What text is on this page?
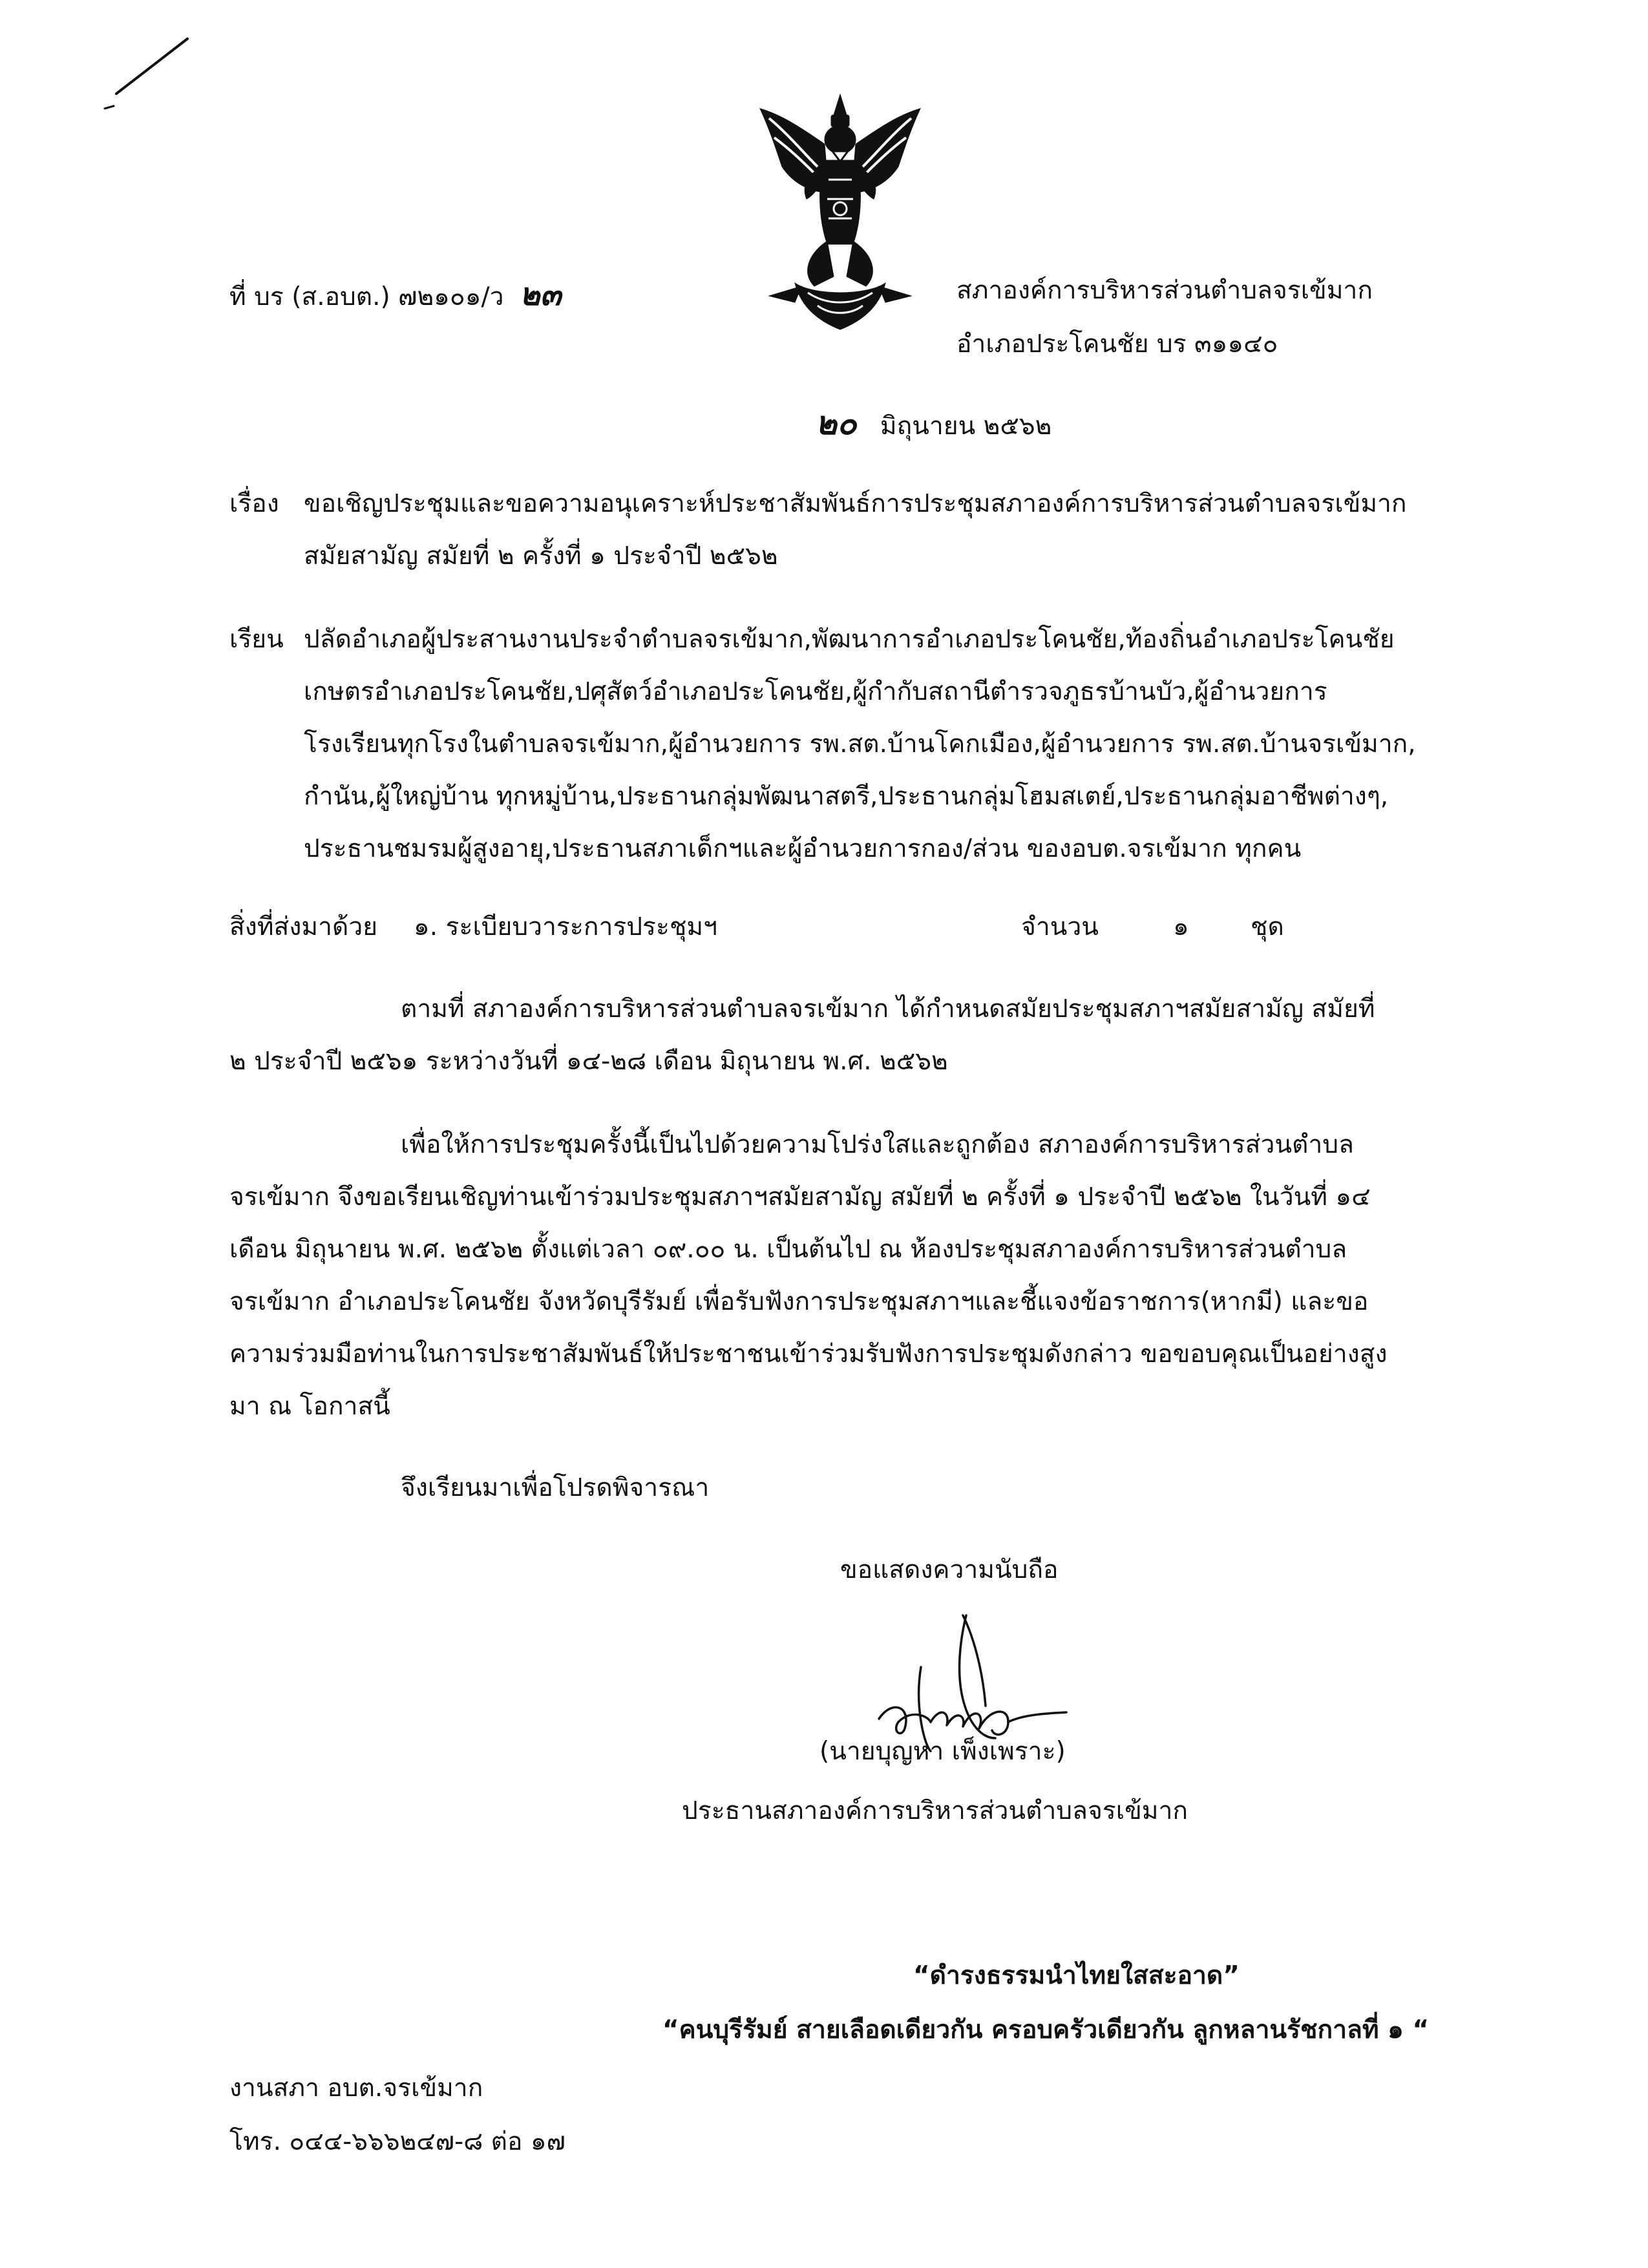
ที่ บร (ส.อบต.) ๗๒๑๐๑/ว ๒๓	สภาองค์การบริหารส่วนตำบลจรเข้มาก
อำเภอประโคนชัย บร ๓๑๑๔๐
๒๐ มิถุนายน ๒๕๖๒
เรื่อง ขอเชิญประชุมและขอความอนุเคราะห์ประชาสัมพันธ์การประชุมสภาองค์การบริหารส่วนตำบลจรเข้มาก
สมัยสามัญ สมัยที่ ๒ ครั้งที่ ๑ ประจำปี ๒๕๖๒
เรียน ปลัดอำเภอผู้ประสานงานประจำตำบลจรเข้มาก,พัฒนาการอำเภอประโคนชัย,ท้องถิ่นอำเภอประโคนชัย
เกษตรอำเภอประโคนชัย,ปศุสัตว์อำเภอประโคนชัย,ผู้กำกับสถานีตำรวจภูธรบ้านบัว,ผู้อำนวยการ
โรงเรียนทุกโรงในตำบลจรเข้มาก,ผู้อำนวยการ รพ.สต.บ้านโคกเมือง,ผู้อำนวยการ รพ.สต.บ้านจรเข้มาก,
กำนัน,ผู้ใหญ่บ้าน ทุกหมู่บ้าน,ประธานกลุ่มพัฒนาสตรี,ประธานกลุ่มโฮมสเตย์,ประธานกลุ่มอาชีพต่างๆ,
ประธานชมรมผู้สูงอายุ,ประธานสภาเด็กฯและผู้อำนวยการกอง/ส่วน ของอบต.จรเข้มาก ทุกคน
สิ่งที่ส่งมาด้วย ๑. ระเบียบวาระการประชุมฯ	จำนวน	๑ ชุด
ตามที่ สภาองค์การบริหารส่วนตำบลจรเข้มาก ได้กำหนดสมัยประชุมสภาฯสมัยสามัญ สมัยที่
๒ ประจำปี ๒๕๖๑ ระหว่างวันที่ ๑๔-๒๘ เดือน มิถุนายน พ.ศ. ๒๕๖๒
เพื่อให้การประชุมครั้งนี้เป็นไปด้วยความโปร่งใสและถูกต้อง สภาองค์การบริหารส่วนตำบล
จรเข้มาก จึงขอเรียนเชิญท่านเข้าร่วมประชุมสภาฯสมัยสามัญ สมัยที่ ๒ ครั้งที่ ๑ ประจำปี ๒๕๖๒ ในวันที่ ๑๔
เดือน มิถุนายน พ.ศ. ๒๕๖๒ ตั้งแต่เวลา ๐๙.๐๐ น. เป็นต้นไป ณ ห้องประชุมสภาองค์การบริหารส่วนตำบล
จรเข้มาก อำเภอประโคนชัย จังหวัดบุรีรัมย์ เพื่อรับฟังการประชุมสภาฯและชี้แจงข้อราชการ(หากมี) และขอ
ความร่วมมือท่านในการประชาสัมพันธ์ให้ประชาชนเข้าร่วมรับฟังการประชุมดังกล่าว ขอขอบคุณเป็นอย่างสูง
มา ณ โอกาสนี้
จึงเรียนมาเพื่อโปรดพิจารณา
ขอแสดงความนับถือ
(นายบุญหา เพ็งเพราะ)
ประธานสภาองค์การบริหารส่วนตำบลจรเข้มาก
“ดำรงธรรมนำไทยใสสะอาด”
“คนบุรีรัมย์ สายเลือดเดียวกัน ครอบครัวเดียวกัน ลูกหลานรัชกาลที่ ๑ “
งานสภา อบต.จรเข้มาก
โทร. ๐๔๔-๖๖๖๒๔๗-๘ ต่อ ๑๗
